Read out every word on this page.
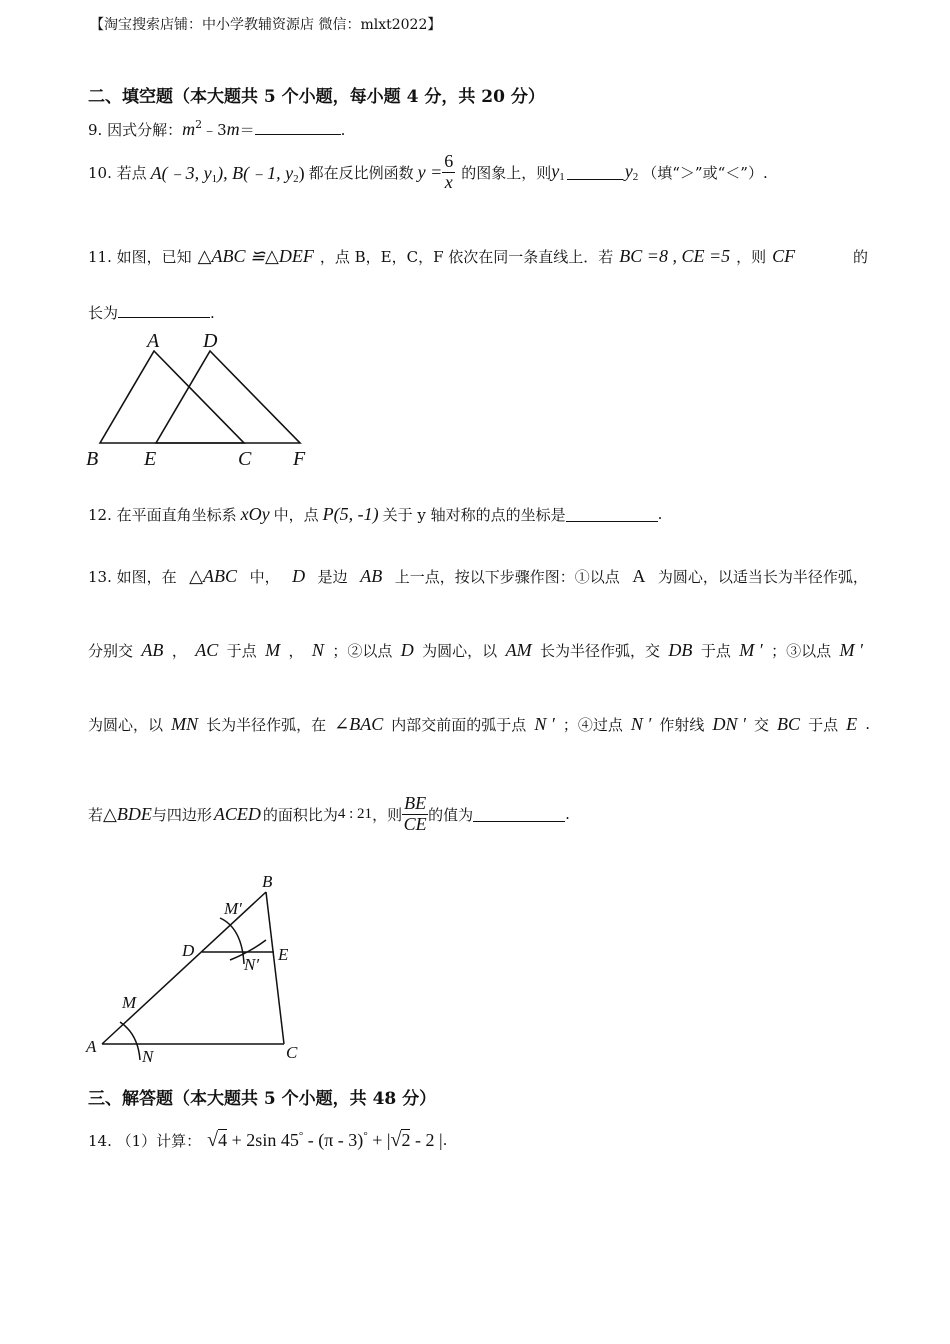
【淘宝搜索店铺：中小学教辅资源店 微信：mlxt2022】
二、填空题（本大题共 5 个小题，每小题 4 分，共 20 分）
9. 因式分解：$m^2﹣3m=$	.
10. 若点 A(﹣3, $y_1$), B(﹣1, $y_2$) 都在反比例函数 $y = \frac{6}{x}$ 的图象上，则 $y_1$	$y_2$ （填“＞”或“＜”）.
11. 如图，已知 △ABC ≌△DEF ，点 B，E，C，F 依次在同一条直线上．若 BC =8 , CE =5 ，则 CF	的
长为	.
A D
B E	C F
12. 在平面直角坐标系 xOy 中，点 P(5, -1) 关于 y 轴对称的点的坐标是	.
13. 如图，在 △ABC 中， D 是边 AB 上一点，按以下步骤作图：①以点 A 为圆心，以适当长为半径作弧，
分别交 AB ， AC 于点 M ， N ；②以点 D 为圆心，以 AM 长为半径作弧，交 DB 于点 M ′ ；③以点 M ′
为圆心，以 MN 长为半径作弧，在 ∠BAC 内部交前面的弧于点 N ′ ；④过点 N ′ 作射线 DN ′ 交 BC 于点 E .
若 △BDE 与四边形 ACED 的面积比为 4 : 21 ，则 $\frac{BE}{CE}$ 的值为	.
B
M′
D	E
N′
M
A
N	C
三、解答题（本大题共 5 个小题，共 48 分）
14. （1）计算： √4 + 2sin 45° - (π - 3)° + |√2 - 2 | .
